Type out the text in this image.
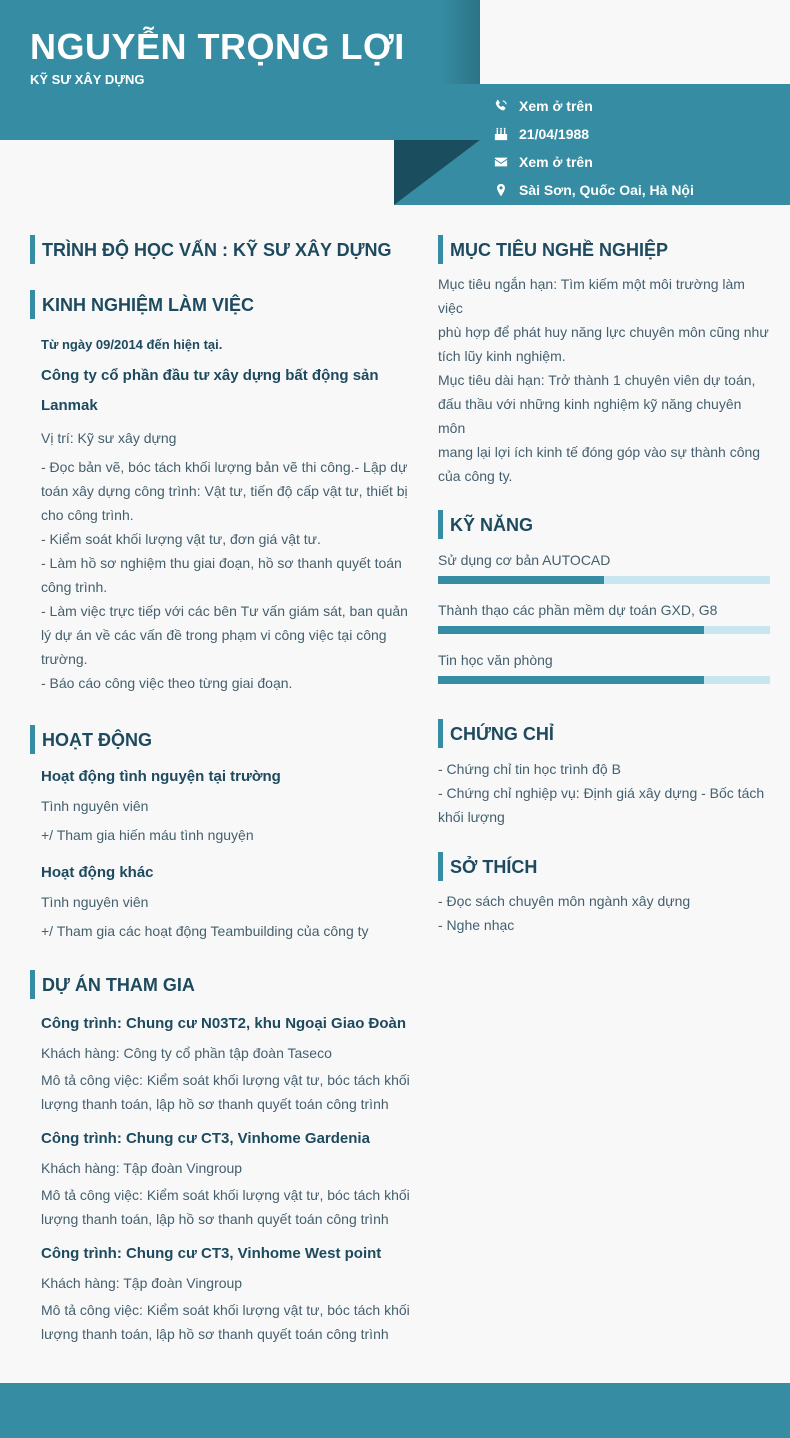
NGUYỄN TRỌNG LỢI
KỸ SƯ XÂY DỰNG
Xem ở trên
21/04/1988
Xem ở trên
Sài Sơn, Quốc Oai, Hà Nội
TRÌNH ĐỘ HỌC VẤN : KỸ SƯ XÂY DỰNG
KINH NGHIỆM LÀM VIỆC
Từ ngày 09/2014 đến hiện tại.
Công ty cổ phần đầu tư xây dựng bất động sản
Lanmak
Vị trí: Kỹ sư xây dựng
- Đọc bản vẽ, bóc tách khối lượng bản vẽ thi công.- Lập dự
toán xây dựng công trình: Vật tư, tiến độ cấp vật tư, thiết bị
cho công trình.
- Kiểm soát khối lượng vật tư, đơn giá vật tư.
- Làm hồ sơ nghiệm thu giai đoạn, hồ sơ thanh quyết toán
công trình.
- Làm việc trực tiếp với các bên Tư vấn giám sát, ban quản
lý dự án về các vấn đề trong phạm vi công việc tại công
trường.
- Báo cáo công việc theo từng giai đoạn.
HOẠT ĐỘNG
Hoạt động tình nguyện tại trường
Tình nguyên viên
+/ Tham gia hiến máu tình nguyện
Hoạt động khác
Tình nguyên viên
+/ Tham gia các hoạt động Teambuilding của công ty
DỰ ÁN THAM GIA
Công trình: Chung cư N03T2, khu Ngoại Giao Đoàn
Khách hàng: Công ty cổ phần tập đoàn Taseco
Mô tả công việc: Kiểm soát khối lượng vật tư, bóc tách khối
lượng thanh toán, lập hồ sơ thanh quyết toán công trình
Công trình: Chung cư CT3, Vinhome Gardenia
Khách hàng: Tập đoàn Vingroup
Mô tả công việc: Kiểm soát khối lượng vật tư, bóc tách khối
lượng thanh toán, lập hồ sơ thanh quyết toán công trình
Công trình: Chung cư CT3, Vinhome West point
Khách hàng: Tập đoàn Vingroup
Mô tả công việc: Kiểm soát khối lượng vật tư, bóc tách khối
lượng thanh toán, lập hồ sơ thanh quyết toán công trình
MỤC TIÊU NGHỀ NGHIỆP
Mục tiêu ngắn hạn: Tìm kiếm một môi trường làm việc
phù hợp để phát huy năng lực chuyên môn cũng như
tích lũy kinh nghiệm.
Mục tiêu dài hạn: Trở thành 1 chuyên viên dự toán,
đấu thầu với những kinh nghiệm kỹ năng chuyên môn
mang lại lợi ích kinh tế đóng góp vào sự thành công
của công ty.
KỸ NĂNG
Sử dụng cơ bản AUTOCAD
Thành thạo các phần mềm dự toán GXD, G8
Tin học văn phòng
CHỨNG CHỈ
- Chứng chỉ tin học trình độ B
- Chứng chỉ nghiệp vụ: Định giá xây dựng - Bốc tách
khối lượng
SỞ THÍCH
- Đọc sách chuyên môn ngành xây dựng
- Nghe nhạc
